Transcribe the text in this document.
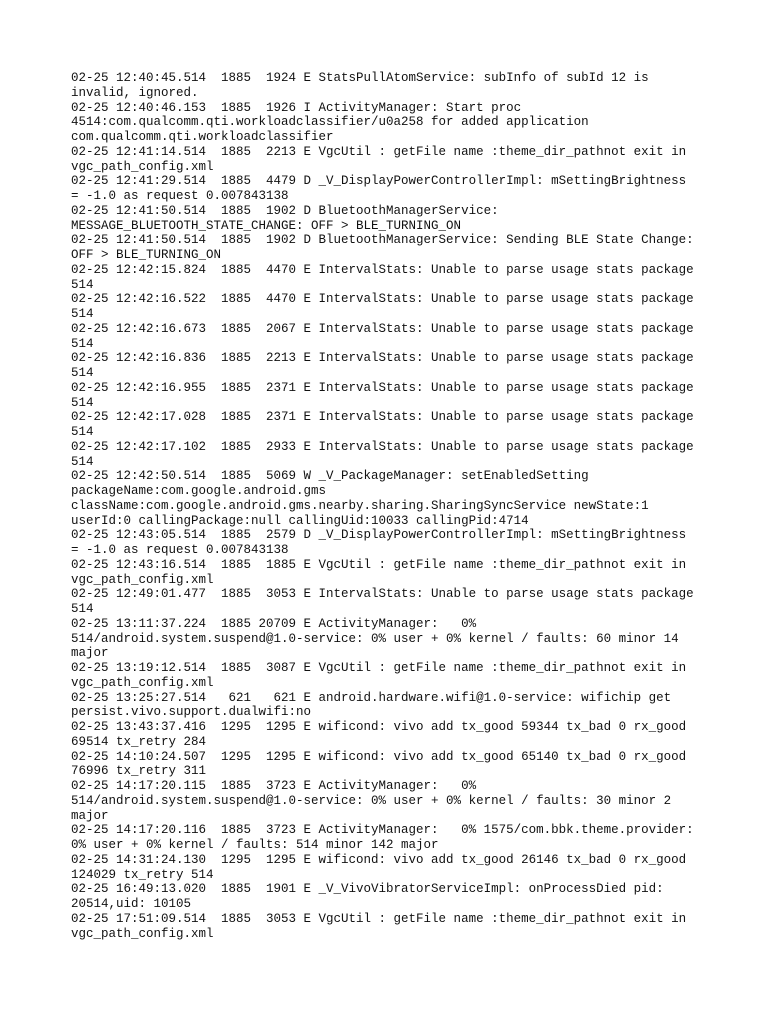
02-25 12:40:45.514  1885  1924 E StatsPullAtomService: subInfo of subId 12 is
invalid, ignored.
02-25 12:40:46.153  1885  1926 I ActivityManager: Start proc
4514:com.qualcomm.qti.workloadclassifier/u0a258 for added application
com.qualcomm.qti.workloadclassifier
02-25 12:41:14.514  1885  2213 E VgcUtil : getFile name :theme_dir_pathnot exit in
vgc_path_config.xml
02-25 12:41:29.514  1885  4479 D _V_DisplayPowerControllerImpl: mSettingBrightness
= -1.0 as request 0.007843138
02-25 12:41:50.514  1885  1902 D BluetoothManagerService:
MESSAGE_BLUETOOTH_STATE_CHANGE: OFF > BLE_TURNING_ON
02-25 12:41:50.514  1885  1902 D BluetoothManagerService: Sending BLE State Change:
OFF > BLE_TURNING_ON
02-25 12:42:15.824  1885  4470 E IntervalStats: Unable to parse usage stats package
514
02-25 12:42:16.522  1885  4470 E IntervalStats: Unable to parse usage stats package
514
02-25 12:42:16.673  1885  2067 E IntervalStats: Unable to parse usage stats package
514
02-25 12:42:16.836  1885  2213 E IntervalStats: Unable to parse usage stats package
514
02-25 12:42:16.955  1885  2371 E IntervalStats: Unable to parse usage stats package
514
02-25 12:42:17.028  1885  2371 E IntervalStats: Unable to parse usage stats package
514
02-25 12:42:17.102  1885  2933 E IntervalStats: Unable to parse usage stats package
514
02-25 12:42:50.514  1885  5069 W _V_PackageManager: setEnabledSetting
packageName:com.google.android.gms
className:com.google.android.gms.nearby.sharing.SharingSyncService newState:1
userId:0 callingPackage:null callingUid:10033 callingPid:4714
02-25 12:43:05.514  1885  2579 D _V_DisplayPowerControllerImpl: mSettingBrightness
= -1.0 as request 0.007843138
02-25 12:43:16.514  1885  1885 E VgcUtil : getFile name :theme_dir_pathnot exit in
vgc_path_config.xml
02-25 12:49:01.477  1885  3053 E IntervalStats: Unable to parse usage stats package
514
02-25 13:11:37.224  1885 20709 E ActivityManager:   0%
514/android.system.suspend@1.0-service: 0% user + 0% kernel / faults: 60 minor 14
major
02-25 13:19:12.514  1885  3087 E VgcUtil : getFile name :theme_dir_pathnot exit in
vgc_path_config.xml
02-25 13:25:27.514   621   621 E android.hardware.wifi@1.0-service: wifichip get
persist.vivo.support.dualwifi:no
02-25 13:43:37.416  1295  1295 E wificond: vivo add tx_good 59344 tx_bad 0 rx_good
69514 tx_retry 284
02-25 14:10:24.507  1295  1295 E wificond: vivo add tx_good 65140 tx_bad 0 rx_good
76996 tx_retry 311
02-25 14:17:20.115  1885  3723 E ActivityManager:   0%
514/android.system.suspend@1.0-service: 0% user + 0% kernel / faults: 30 minor 2
major
02-25 14:17:20.116  1885  3723 E ActivityManager:   0% 1575/com.bbk.theme.provider:
0% user + 0% kernel / faults: 514 minor 142 major
02-25 14:31:24.130  1295  1295 E wificond: vivo add tx_good 26146 tx_bad 0 rx_good
124029 tx_retry 514
02-25 16:49:13.020  1885  1901 E _V_VivoVibratorServiceImpl: onProcessDied pid:
20514,uid: 10105
02-25 17:51:09.514  1885  3053 E VgcUtil : getFile name :theme_dir_pathnot exit in
vgc_path_config.xml
